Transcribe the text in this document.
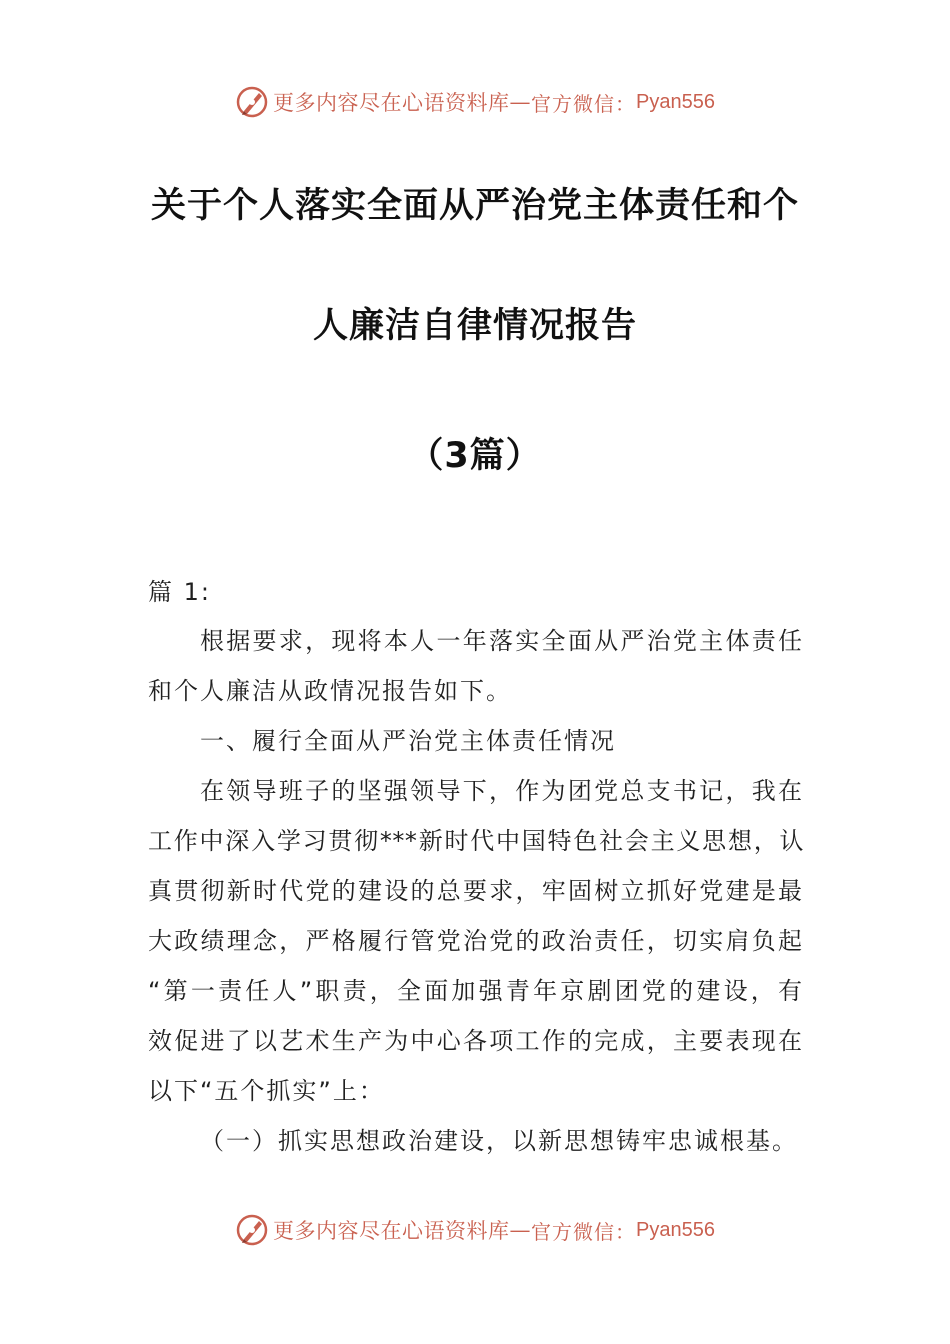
更多内容尽在心语资料库 — 官方微信： Pyan556
关于个人落实全面从严治党主体责任和个
人廉洁自律情况报告
（3篇）
篇 1:
根据要求，现将本人一年落实全面从严治党主体责任
和个人廉洁从政情况报告如下。
一、履行全面从严治党主体责任情况
在领导班子的坚强领导下，作为团党总支书记，我在
工作中深入学习贯彻***新时代中国特色社会主义思想，认
真贯彻新时代党的建设的总要求，牢固树立抓好党建是最
大政绩理念，严格履行管党治党的政治责任，切实肩负起
“第一责任人”职责，全面加强青年京剧团党的建设，有
效促进了以艺术生产为中心各项工作的完成，主要表现在
以下“五个抓实”上：
（一）抓实思想政治建设，以新思想铸牢忠诚根基。
更多内容尽在心语资料库 — 官方微信： Pyan556
